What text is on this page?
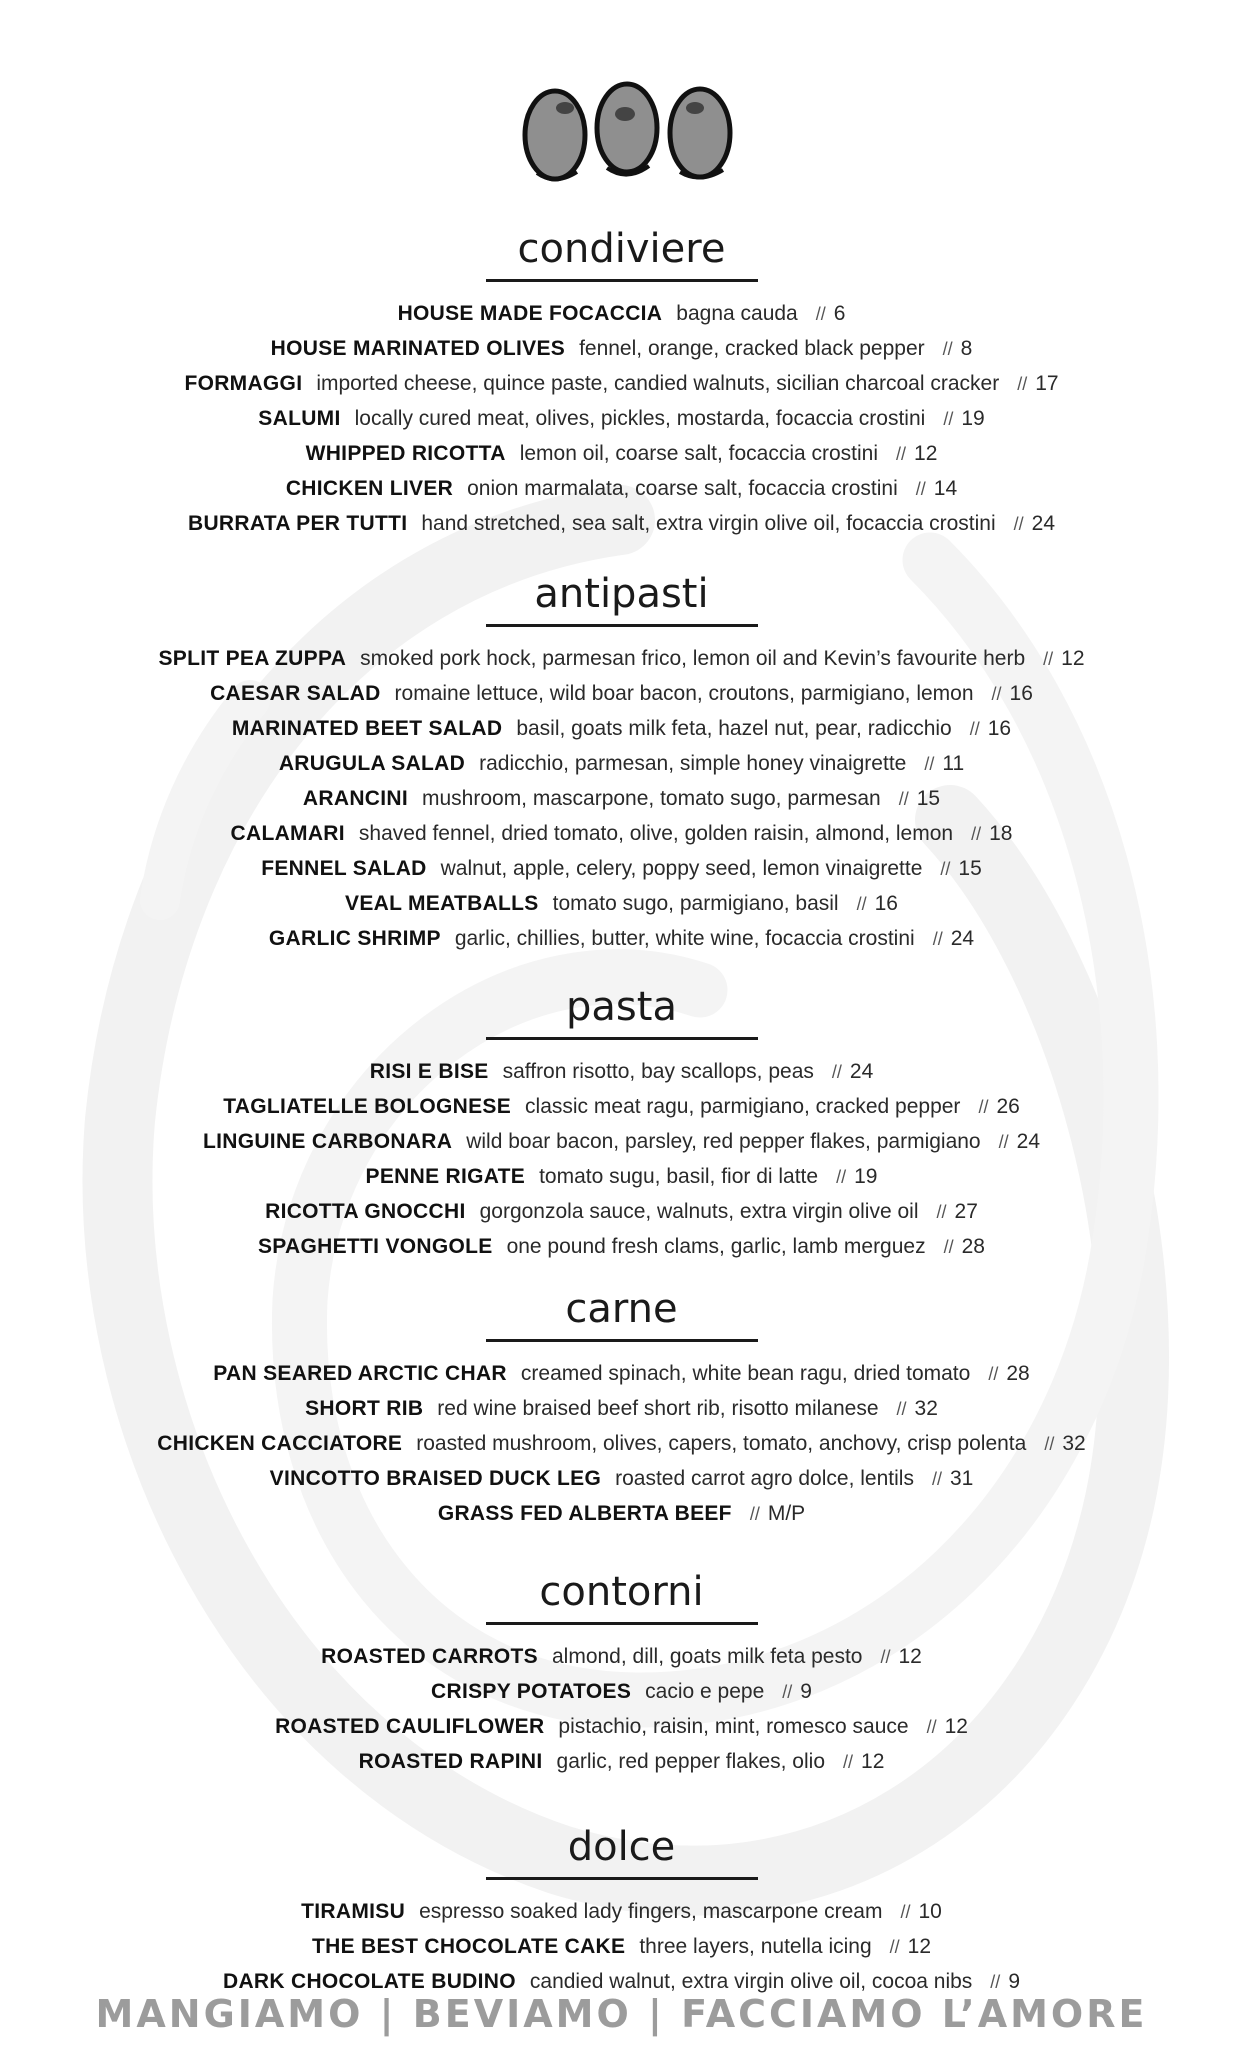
condiviere
HOUSE MADE FOCACCIA bagna cauda // 6
HOUSE MARINATED OLIVES fennel, orange, cracked black pepper // 8
FORMAGGI imported cheese, quince paste, candied walnuts, sicilian charcoal cracker // 17
SALUMI locally cured meat, olives, pickles, mostarda, focaccia crostini // 19
WHIPPED RICOTTA lemon oil, coarse salt, focaccia crostini // 12
CHICKEN LIVER onion marmalata, coarse salt, focaccia crostini // 14
BURRATA PER TUTTI hand stretched, sea salt, extra virgin olive oil, focaccia crostini // 24
antipasti
SPLIT PEA ZUPPA smoked pork hock, parmesan frico, lemon oil and Kevin’s favourite herb // 12
CAESAR SALAD romaine lettuce, wild boar bacon, croutons, parmigiano, lemon // 16
MARINATED BEET SALAD basil, goats milk feta, hazel nut, pear, radicchio // 16
ARUGULA SALAD radicchio, parmesan, simple honey vinaigrette // 11
ARANCINI mushroom, mascarpone, tomato sugo, parmesan // 15
CALAMARI shaved fennel, dried tomato, olive, golden raisin, almond, lemon // 18
FENNEL SALAD walnut, apple, celery, poppy seed, lemon vinaigrette // 15
VEAL MEATBALLS tomato sugo, parmigiano, basil // 16
GARLIC SHRIMP garlic, chillies, butter, white wine, focaccia crostini // 24
pasta
RISI E BISE saffron risotto, bay scallops, peas // 24
TAGLIATELLE BOLOGNESE classic meat ragu, parmigiano, cracked pepper // 26
LINGUINE CARBONARA wild boar bacon, parsley, red pepper flakes, parmigiano // 24
PENNE RIGATE tomato sugu, basil, fior di latte // 19
RICOTTA GNOCCHI gorgonzola sauce, walnuts, extra virgin olive oil // 27
SPAGHETTI VONGOLE one pound fresh clams, garlic, lamb merguez // 28
carne
PAN SEARED ARCTIC CHAR creamed spinach, white bean ragu, dried tomato // 28
SHORT RIB red wine braised beef short rib, risotto milanese // 32
CHICKEN CACCIATORE roasted mushroom, olives, capers, tomato, anchovy, crisp polenta // 32
VINCOTTO BRAISED DUCK LEG roasted carrot agro dolce, lentils // 31
GRASS FED ALBERTA BEEF // M/P
contorni
ROASTED CARROTS almond, dill, goats milk feta pesto // 12
CRISPY POTATOES cacio e pepe // 9
ROASTED CAULIFLOWER pistachio, raisin, mint, romesco sauce // 12
ROASTED RAPINI garlic, red pepper flakes, olio // 12
dolce
TIRAMISU espresso soaked lady fingers, mascarpone cream // 10
THE BEST CHOCOLATE CAKE three layers, nutella icing // 12
DARK CHOCOLATE BUDINO candied walnut, extra virgin olive oil, cocoa nibs // 9
MANGIAMO | BEVIAMO | FACCIAMO L’AMORE
